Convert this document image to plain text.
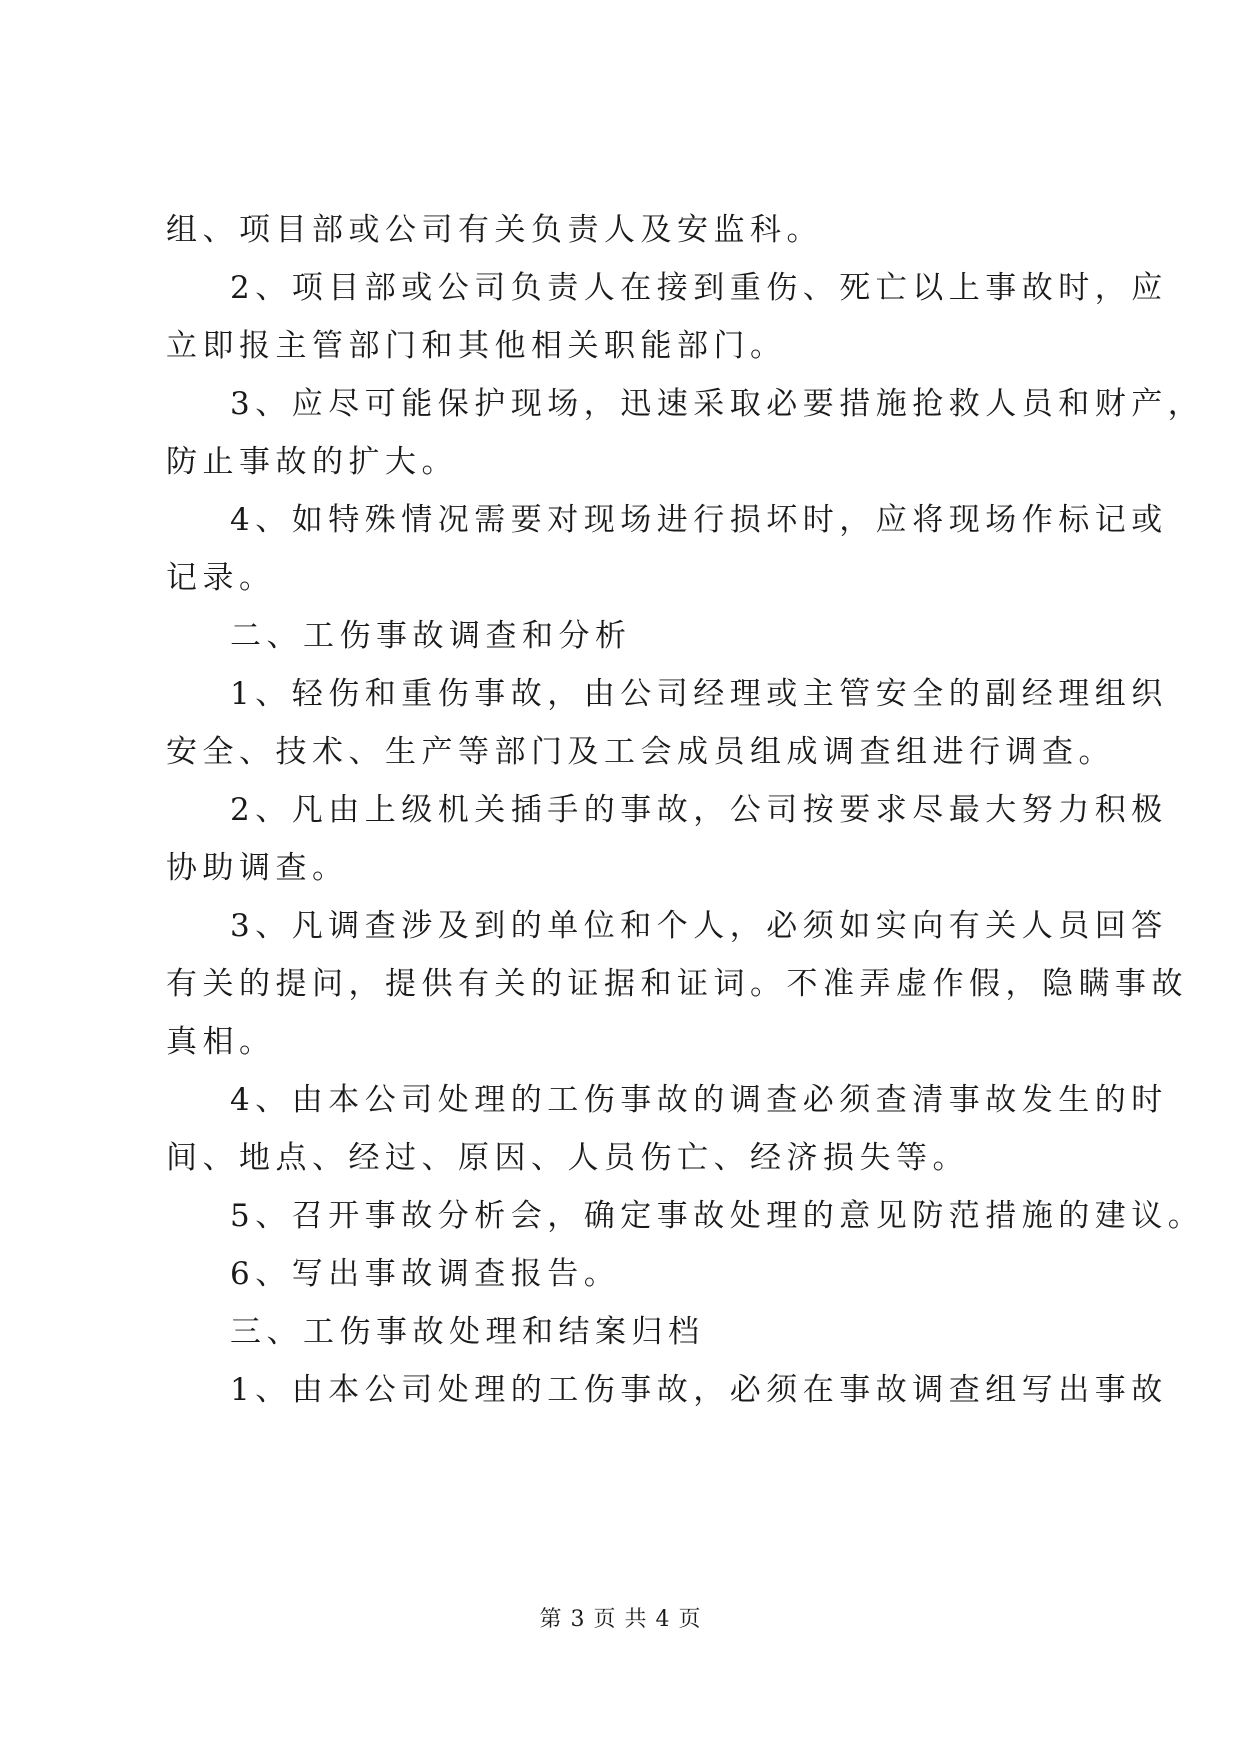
组、项目部或公司有关负责人及安监科。
2、项目部或公司负责人在接到重伤、死亡以上事故时，应
立即报主管部门和其他相关职能部门。
3、应尽可能保护现场，迅速采取必要措施抢救人员和财产，
防止事故的扩大。
4、如特殊情况需要对现场进行损坏时，应将现场作标记或
记录。
二、工伤事故调查和分析
1、轻伤和重伤事故，由公司经理或主管安全的副经理组织
安全、技术、生产等部门及工会成员组成调查组进行调查。
2、凡由上级机关插手的事故，公司按要求尽最大努力积极
协助调查。
3、凡调查涉及到的单位和个人，必须如实向有关人员回答
有关的提问，提供有关的证据和证词。不准弄虚作假，隐瞒事故
真相。
4、由本公司处理的工伤事故的调查必须查清事故发生的时
间、地点、经过、原因、人员伤亡、经济损失等。
5、召开事故分析会，确定事故处理的意见防范措施的建议。
6、写出事故调查报告。
三、工伤事故处理和结案归档
1、由本公司处理的工伤事故，必须在事故调查组写出事故
第 3 页 共 4 页
